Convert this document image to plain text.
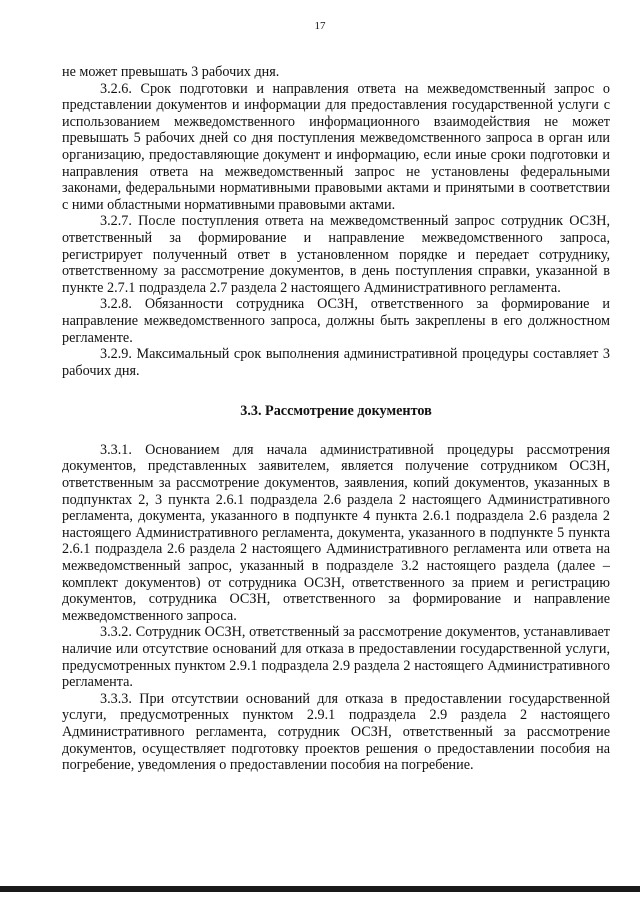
17

не может превышать 3 рабочих дня.

3.2.6. Срок подготовки и направления ответа на межведомственный запрос о представлении документов и информации для предоставления государственной услуги с использованием межведомственного информационного взаимодействия не может превышать 5 рабочих дней со дня поступления межведомственного запроса в орган или организацию, предоставляющие документ и информацию, если иные сроки подготовки и направления ответа на межведомственный запрос не установлены федеральными законами, федеральными нормативными правовыми актами и принятыми в соответствии с ними областными нормативными правовыми актами.

3.2.7. После поступления ответа на межведомственный запрос сотрудник ОСЗН, ответственный за формирование и направление межведомственного запроса, регистрирует полученный ответ в установленном порядке и передает сотруднику, ответственному за рассмотрение документов, в день поступления справки, указанной в пункте 2.7.1 подраздела 2.7 раздела 2 настоящего Административного регламента.

3.2.8. Обязанности сотрудника ОСЗН, ответственного за формирование и направление межведомственного запроса, должны быть закреплены в его должностном регламенте.

3.2.9. Максимальный срок выполнения административной процедуры составляет 3 рабочих дня.

3.3. Рассмотрение документов

3.3.1. Основанием для начала административной процедуры рассмотрения документов, представленных заявителем, является получение сотрудником ОСЗН, ответственным за рассмотрение документов, заявления, копий документов, указанных в подпунктах 2, 3 пункта 2.6.1 подраздела 2.6 раздела 2 настоящего Административного регламента, документа, указанного в подпункте 4 пункта 2.6.1 подраздела 2.6 раздела 2 настоящего Административного регламента, документа, указанного в подпункте 5 пункта 2.6.1 подраздела 2.6 раздела 2 настоящего Административного регламента или ответа на межведомственный запрос, указанный в подразделе 3.2 настоящего раздела (далее – комплект документов) от сотрудника ОСЗН, ответственного за прием и регистрацию документов, сотрудника ОСЗН, ответственного за формирование и направление межведомственного запроса.

3.3.2. Сотрудник ОСЗН, ответственный за рассмотрение документов, устанавливает наличие или отсутствие оснований для отказа в предоставлении государственной услуги, предусмотренных пунктом 2.9.1 подраздела 2.9 раздела 2 настоящего Административного регламента.

3.3.3. При отсутствии оснований для отказа в предоставлении государственной услуги, предусмотренных пунктом 2.9.1 подраздела 2.9 раздела 2 настоящего Административного регламента, сотрудник ОСЗН, ответственный за рассмотрение документов, осуществляет подготовку проектов решения о предоставлении пособия на погребение, уведомления о предоставлении пособия на погребение.
